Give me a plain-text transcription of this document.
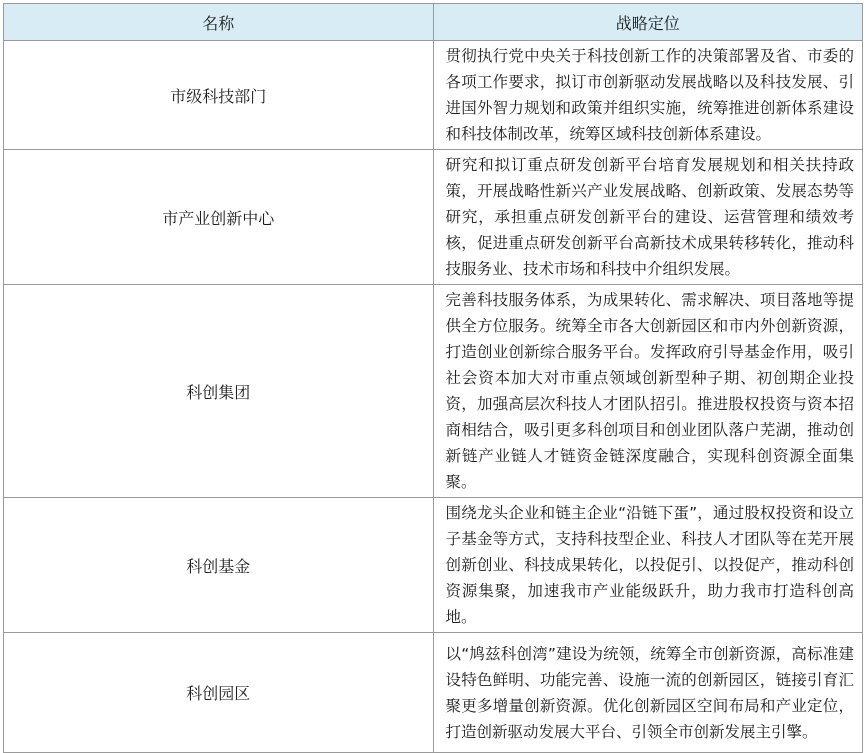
名称	战略定位
市级科技部门	贯彻执行党中央关于科技创新工作的决策部署及省、市委的各项工作要求，拟订市创新驱动发展战略以及科技发展、引进国外智力规划和政策并组织实施，统筹推进创新体系建设和科技体制改革，统筹区域科技创新体系建设。
市产业创新中心	研究和拟订重点研发创新平台培育发展规划和相关扶持政策，开展战略性新兴产业发展战略、创新政策、发展态势等研究，承担重点研发创新平台的建设、运营管理和绩效考核，促进重点研发创新平台高新技术成果转移转化，推动科技服务业、技术市场和科技中介组织发展。
科创集团	完善科技服务体系，为成果转化、需求解决、项目落地等提供全方位服务。统筹全市各大创新园区和市内外创新资源，打造创业创新综合服务平台。发挥政府引导基金作用，吸引社会资本加大对市重点领域创新型种子期、初创期企业投资，加强高层次科技人才团队招引。推进股权投资与资本招商相结合，吸引更多科创项目和创业团队落户芜湖，推动创新链产业链人才链资金链深度融合，实现科创资源全面集聚。
科创基金	围绕龙头企业和链主企业“沿链下蛋”，通过股权投资和设立子基金等方式，支持科技型企业、科技人才团队等在芜开展创新创业、科技成果转化，以投促引、以投促产，推动科创资源集聚，加速我市产业能级跃升，助力我市打造科创高地。
科创园区	以“鸠兹科创湾”建设为统领，统筹全市创新资源，高标准建设特色鲜明、功能完善、设施一流的创新园区，链接引育汇聚更多增量创新资源。优化创新园区空间布局和产业定位，打造创新驱动发展大平台、引领全市创新发展主引擎。
